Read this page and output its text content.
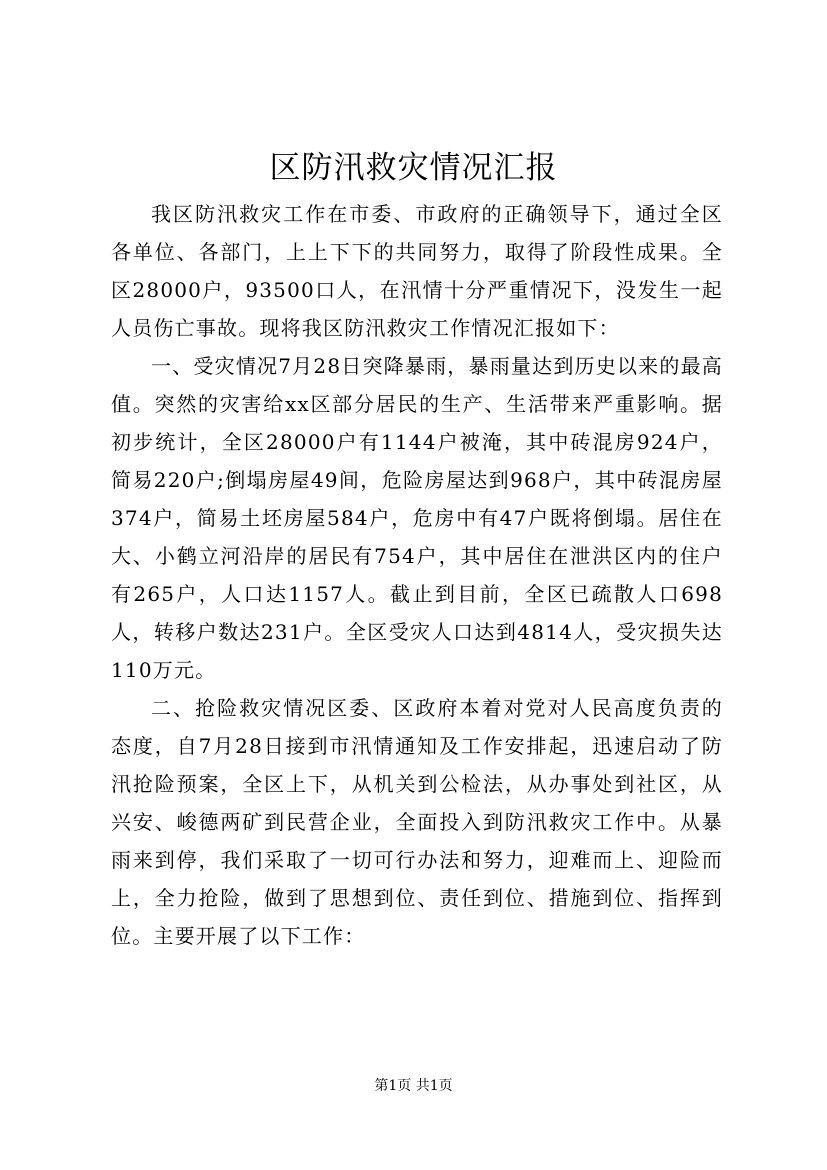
区防汛救灾情况汇报

我区防汛救灾工作在市委、市政府的正确领导下，通过全区各单位、各部门，上上下下的共同努力，取得了阶段性成果。全区28000户，93500口人，在汛情十分严重情况下，没发生一起人员伤亡事故。现将我区防汛救灾工作情况汇报如下：

一、受灾情况7月28日突降暴雨，暴雨量达到历史以来的最高值。突然的灾害给xx区部分居民的生产、生活带来严重影响。据初步统计，全区28000户有1144户被淹，其中砖混房924户，简易220户;倒塌房屋49间，危险房屋达到968户，其中砖混房屋374户，简易土坯房屋584户，危房中有47户既将倒塌。居住在大、小鹤立河沿岸的居民有754户，其中居住在泄洪区内的住户有265户，人口达1157人。截止到目前，全区已疏散人口698人，转移户数达231户。全区受灾人口达到4814人，受灾损失达110万元。

二、抢险救灾情况区委、区政府本着对党对人民高度负责的态度，自7月28日接到市汛情通知及工作安排起，迅速启动了防汛抢险预案，全区上下，从机关到公检法，从办事处到社区，从兴安、峻德两矿到民营企业，全面投入到防汛救灾工作中。从暴雨来到停，我们采取了一切可行办法和努力，迎难而上、迎险而上，全力抢险，做到了思想到位、责任到位、措施到位、指挥到位。主要开展了以下工作：

第1页 共1页
